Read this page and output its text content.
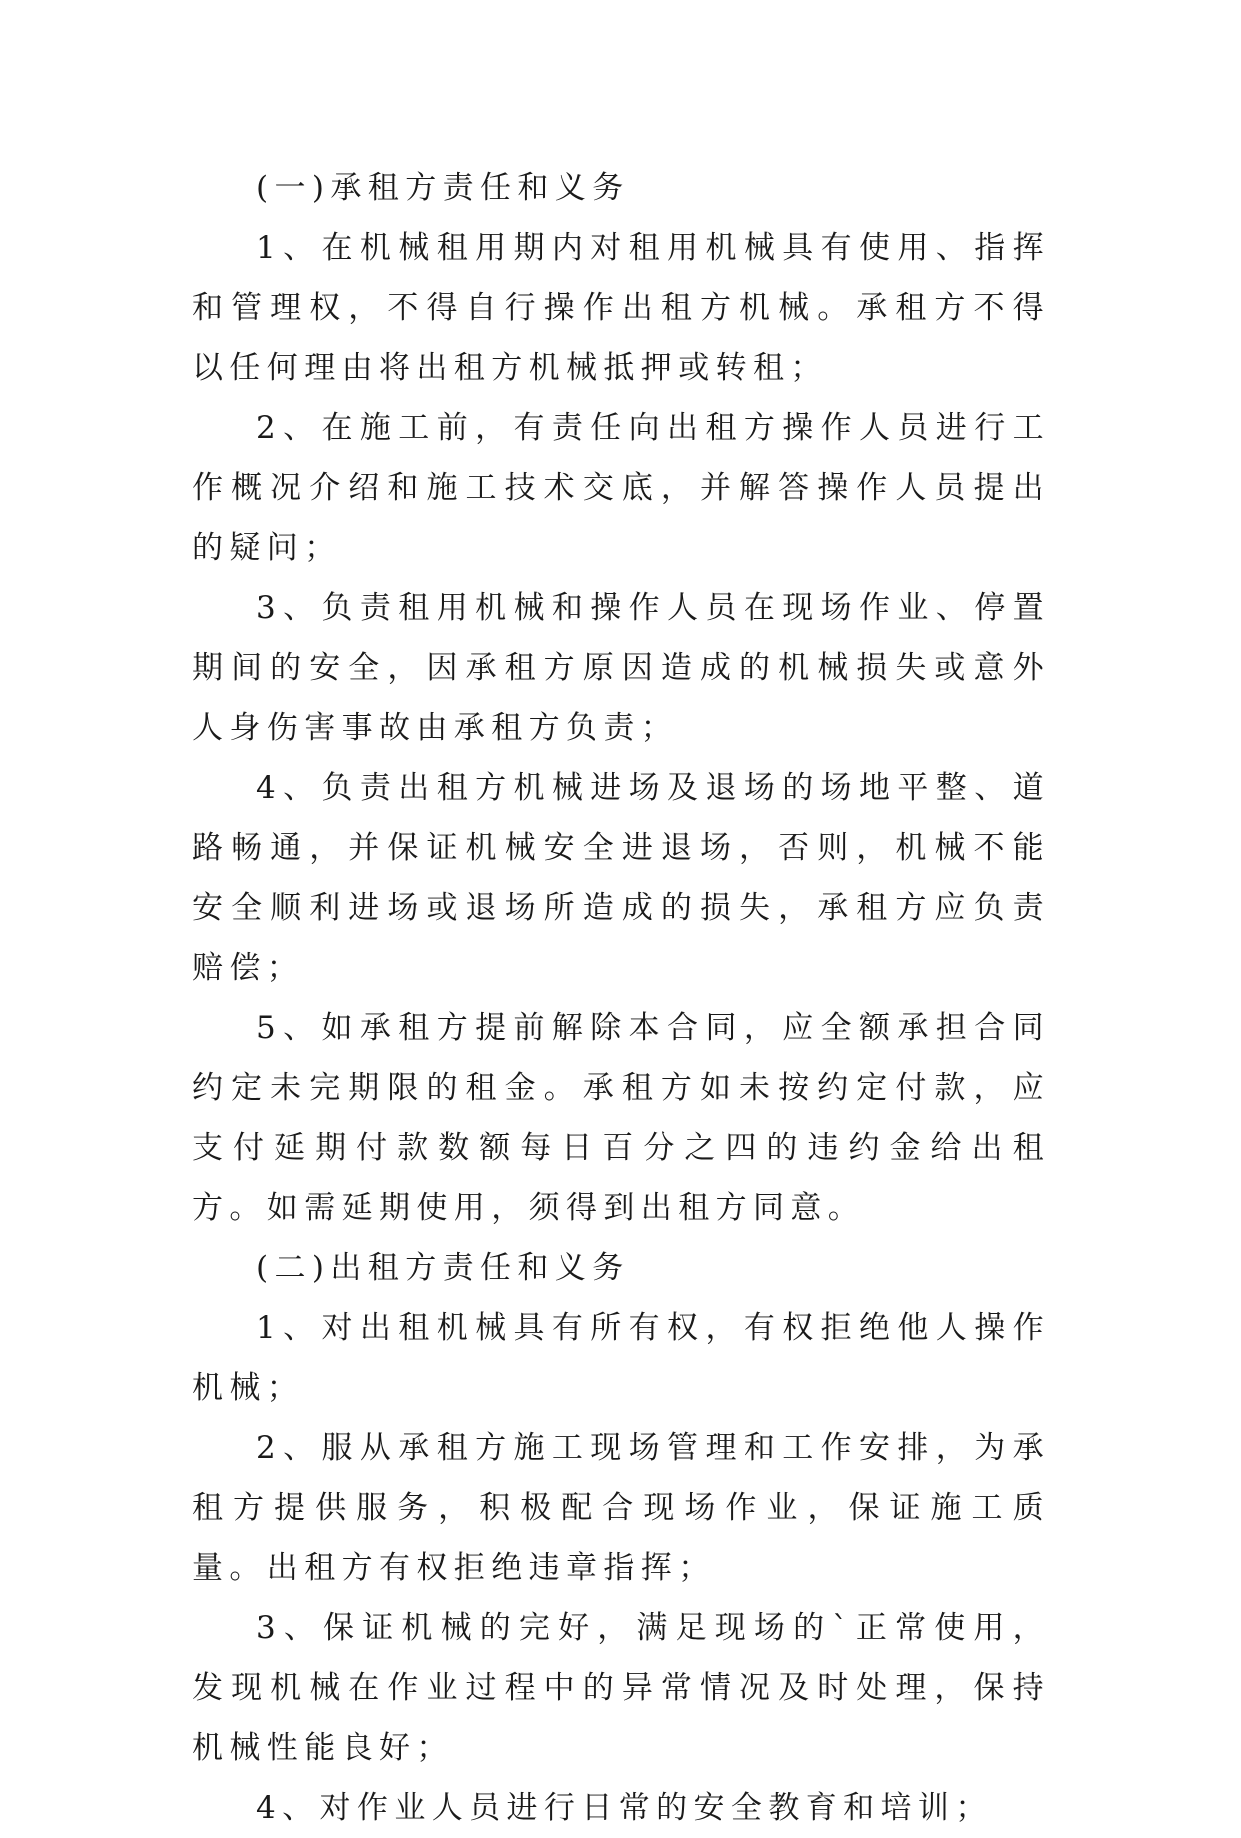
(一)承租方责任和义务

1、在机械租用期内对租用机械具有使用、指挥和管理权，不得自行操作出租方机械。承租方不得以任何理由将出租方机械抵押或转租；

2、在施工前，有责任向出租方操作人员进行工作概况介绍和施工技术交底，并解答操作人员提出的疑问；

3、负责租用机械和操作人员在现场作业、停置期间的安全，因承租方原因造成的机械损失或意外人身伤害事故由承租方负责；

4、负责出租方机械进场及退场的场地平整、道路畅通，并保证机械安全进退场，否则，机械不能安全顺利进场或退场所造成的损失，承租方应负责赔偿；

5、如承租方提前解除本合同，应全额承担合同约定未完期限的租金。承租方如未按约定付款，应支付延期付款数额每日百分之四的违约金给出租方。如需延期使用，须得到出租方同意。

(二)出租方责任和义务

1、对出租机械具有所有权，有权拒绝他人操作机械；

2、服从承租方施工现场管理和工作安排，为承租方提供服务，积极配合现场作业，保证施工质量。出租方有权拒绝违章指挥；

3、保证机械的完好，满足现场的`正常使用，发现机械在作业过程中的异常情况及时处理，保持机械性能良好；

4、对作业人员进行日常的安全教育和培训；
